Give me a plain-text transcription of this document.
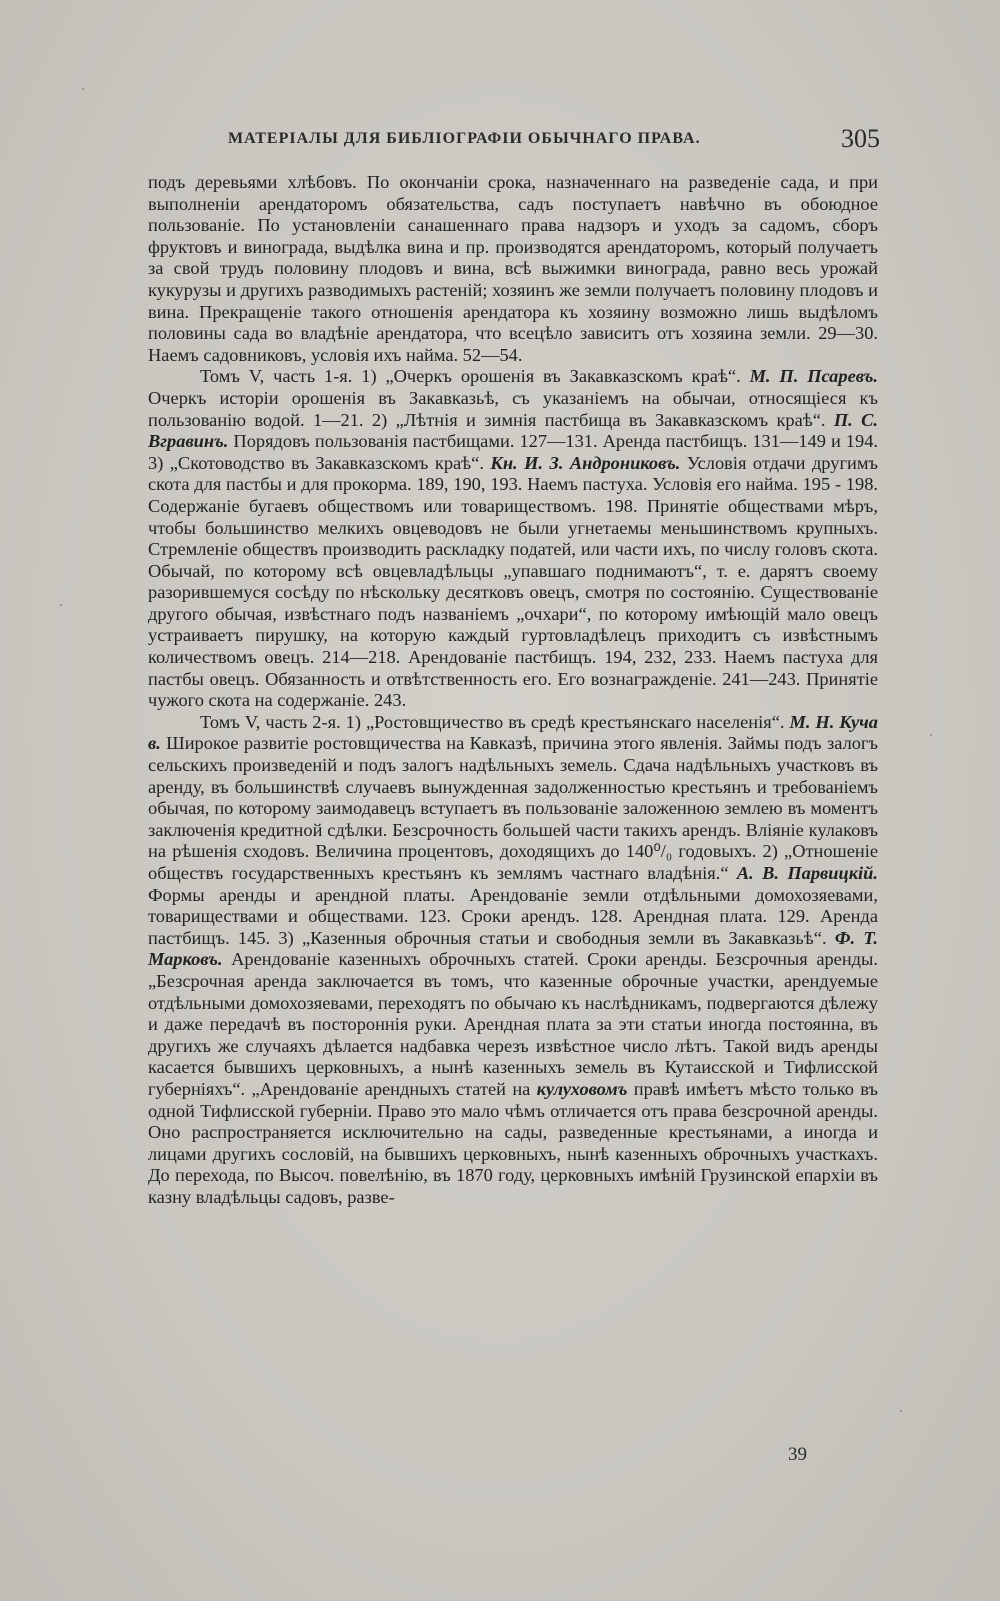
МАТЕРІАЛЫ ДЛЯ БИБЛІОГРАФІИ ОБЫЧНАГО ПРАВА.	305

подъ деревьями хлѣбовъ. По окончаніи срока, назначеннаго на разведеніе сада, и при выполненіи арендаторомъ обязательства, садъ поступаетъ навѣчно въ обоюдное пользованіе. По установленіи санашеннаго права надзоръ и уходъ за садомъ, сборъ фруктовъ и винограда, выдѣлка вина и пр. производятся арендаторомъ, который получаетъ за свой трудъ половину плодовъ и вина, всѣ выжимки винограда, равно весь урожай кукурузы и другихъ разводимыхъ растеній; хозяинъ же земли получаетъ половину плодовъ и вина. Прекращеніе такого отношенія арендатора къ хозяину возможно лишь выдѣломъ половины сада во владѣніе арендатора, что всецѣло зависитъ отъ хозяина земли. 29—30. Наемъ садовниковъ, условія ихъ найма. 52—54.

Томъ V, часть 1-я. 1) „Очеркъ орошенія въ Закавказскомъ краѣ“. М. П. Псаревъ. Очеркъ исторіи орошенія въ Закавказьѣ, съ указаніемъ на обычаи, относящіеся къ пользованію водой. 1—21. 2) „Лѣтнія и зимнія пастбища въ Закавказскомъ краѣ“. П. С. Вгравинъ. Порядовъ пользованія пастбищами. 127—131. Аренда пастбищъ. 131—149 и 194. 3) „Скотоводство въ Закавказскомъ краѣ“. Кн. И. З. Андрониковъ. Условія отдачи другимъ скота для пастбы и для прокорма. 189, 190, 193. Наемъ пастуха. Условія его найма. 195 - 198. Содержаніе бугаевъ обществомъ или товариществомъ. 198. Принятіе обществами мѣръ, чтобы большинство мелкихъ овцеводовъ не были угнетаемы меньшинствомъ крупныхъ. Стремленіе обществъ производить раскладку податей, или части ихъ, по числу головъ скота. Обычай, по которому всѣ овцевладѣльцы „упавшаго поднимаютъ“, т. е. дарятъ своему разорившемуся сосѣду по нѣскольку десятковъ овецъ, смотря по состоянію. Существованіе другого обычая, извѣстнаго подъ названіемъ „очхари“, по которому имѣющій мало овецъ устраиваетъ пирушку, на которую каждый гуртовладѣлецъ приходитъ съ извѣстнымъ количествомъ овецъ. 214—218. Арендованіе пастбищъ. 194, 232, 233. Наемъ пастуха для пастбы овецъ. Обязанность и отвѣтственность его. Его вознагражденіе. 241—243. Принятіе чужого скота на содержаніе. 243.

Томъ V, часть 2-я. 1) „Ростовщичество въ средѣ крестьянскаго населенія“. М. Н. Куча в. Широкое развитіе ростовщичества на Кавказѣ, причина этого явленія. Займы подъ залогъ сельскихъ произведеній и подъ залогъ надѣльныхъ земель. Сдача надѣльныхъ участковъ въ аренду, въ большинствѣ случаевъ вынужденная задолженностью крестьянъ и требованіемъ обычая, по которому заимодавецъ вступаетъ въ пользованіе заложенною землею въ моментъ заключенія кредитной сдѣлки. Безсрочность большей части такихъ арендъ. Вліяніе кулаковъ на рѣшенія сходовъ. Величина процентовъ, доходящихъ до 140⁰/₀ годовыхъ. 2) „Отношеніе обществъ государственныхъ крестьянъ къ землямъ частнаго владѣнія.“ А. В. Парвицкій. Формы аренды и арендной платы. Арендованіе земли отдѣльными домохозяевами, товариществами и обществами. 123. Сроки арендъ. 128. Арендная плата. 129. Аренда пастбищъ. 145. 3) „Казенныя оброчныя статьи и свободныя земли въ Закавказьѣ“. Ф. Т. Марковъ. Арендованіе казенныхъ оброчныхъ статей. Сроки аренды. Безсрочныя аренды. „Безсрочная аренда заключается въ томъ, что казенные оброчные участки, арендуемые отдѣльными домохозяевами, переходятъ по обычаю къ наслѣдникамъ, подвергаются дѣлежу и даже передачѣ въ постороннія руки. Арендная плата за эти статьи иногда постоянна, въ другихъ же случаяхъ дѣлается надбавка черезъ извѣстное число лѣтъ. Такой видъ аренды касается бывшихъ церковныхъ, а нынѣ казенныхъ земель въ Кутаисской и Тифлисской губерніяхъ“. „Арендованіе арендныхъ статей на кулуховомъ правѣ имѣетъ мѣсто только въ одной Тифлисской губерніи. Право это мало чѣмъ отличается отъ права безсрочной аренды. Оно распространяется исключительно на сады, разведенные крестьянами, а иногда и лицами другихъ сословій, на бывшихъ церковныхъ, нынѣ казенныхъ оброчныхъ участкахъ. До перехода, по Высоч. повелѣнію, въ 1870 году, церковныхъ имѣній Грузинской епархіи въ казну владѣльцы садовъ, разве-

39
